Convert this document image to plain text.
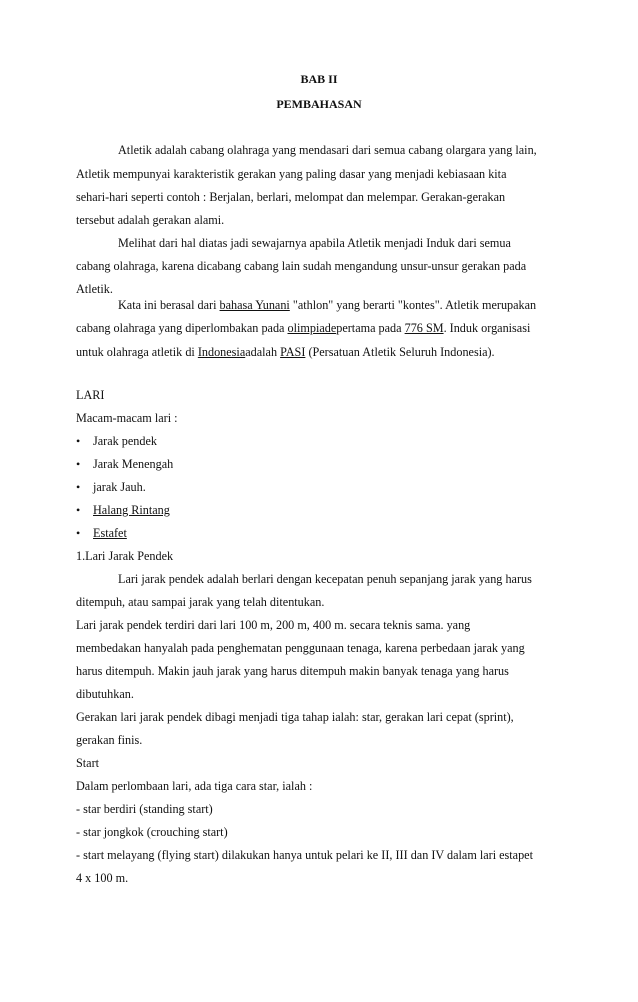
BAB II
PEMBAHASAN
Atletik adalah cabang olahraga yang mendasari dari semua cabang olargara yang lain,
Atletik mempunyai karakteristik gerakan yang paling dasar yang menjadi kebiasaan kita
sehari-hari seperti contoh : Berjalan, berlari, melompat dan melempar. Gerakan-gerakan
tersebut adalah gerakan alami.
Melihat dari hal diatas jadi sewajarnya apabila Atletik menjadi Induk dari semua
cabang olahraga, karena dicabang cabang lain sudah mengandung unsur-unsur gerakan pada
Atletik.
Kata ini berasal dari bahasa Yunani "athlon" yang berarti "kontes". Atletik merupakan
cabang olahraga yang diperlombakan pada olimpiadepertama pada 776 SM. Induk organisasi
untuk olahraga atletik di Indonesiaadalah PASI (Persatuan Atletik Seluruh Indonesia).
LARI
Macam-macam lari :
• Jarak pendek
• Jarak Menengah
• jarak Jauh.
• Halang Rintang
• Estafet
1.Lari Jarak Pendek
Lari jarak pendek adalah berlari dengan kecepatan penuh sepanjang jarak yang harus
ditempuh, atau sampai jarak yang telah ditentukan.
Lari jarak pendek terdiri dari lari 100 m, 200 m, 400 m. secara teknis sama. yang
membedakan hanyalah pada penghematan penggunaan tenaga, karena perbedaan jarak yang
harus ditempuh. Makin jauh jarak yang harus ditempuh makin banyak tenaga yang harus
dibutuhkan.
Gerakan lari jarak pendek dibagi menjadi tiga tahap ialah: star, gerakan lari cepat (sprint),
gerakan finis.
Start
Dalam perlombaan lari, ada tiga cara star, ialah :
- star berdiri (standing start)
- star jongkok (crouching start)
- start melayang (flying start) dilakukan hanya untuk pelari ke II, III dan IV dalam lari estapet
4 x 100 m.
